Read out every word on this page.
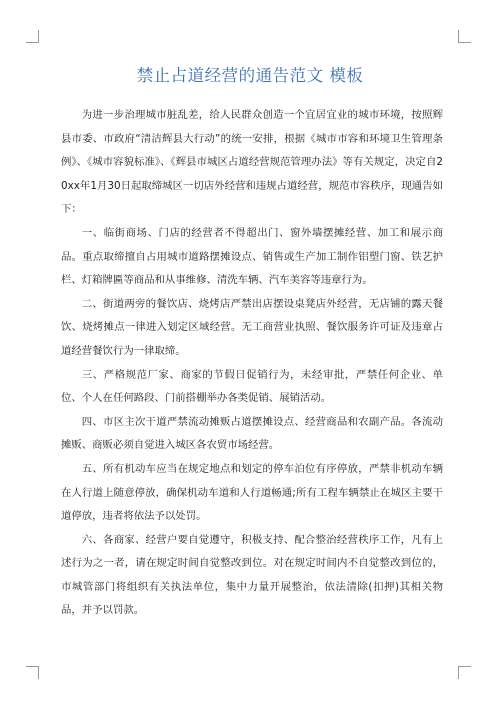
禁止占道经营的通告范文 模板

为进一步治理城市脏乱差，给人民群众创造一个宜居宜业的城市环境，按照辉县市委、市政府“清洁辉县大行动”的统一安排，根据《城市市容和环境卫生管理条例》、《城市容貌标准》、《辉县市城区占道经营规范管理办法》等有关规定，决定自20xx年1月30日起取缔城区一切店外经营和违规占道经营，规范市容秩序，现通告如下：

一、临街商场、门店的经营者不得超出门、窗外墙摆摊经营、加工和展示商品。重点取缔擅自占用城市道路摆摊设点、销售或生产加工制作铝塑门窗、铁艺护栏、灯箱牌匾等商品和从事维修、清洗车辆、汽车美容等违章行为。

二、街道两旁的餐饮店、烧烤店严禁出店摆设桌凳店外经营，无店铺的露天餐饮、烧烤摊点一律进入划定区域经营。无工商营业执照、餐饮服务许可证及违章占道经营餐饮行为一律取缔。

三、严格规范厂家、商家的节假日促销行为，未经审批，严禁任何企业、单位、个人在任何路段、门前搭棚举办各类促销、展销活动。

四、市区主次干道严禁流动摊贩占道摆摊设点、经营商品和农副产品。各流动摊贩、商贩必须自觉进入城区各农贸市场经营。

五、所有机动车应当在规定地点和划定的停车泊位有序停放，严禁非机动车辆在人行道上随意停放，确保机动车道和人行道畅通;所有工程车辆禁止在城区主要干道停放，违者将依法予以处罚。

六、各商家、经营户要自觉遵守，积极支持、配合整治经营秩序工作，凡有上述行为之一者，请在规定时间自觉整改到位。对在规定时间内不自觉整改到位的，市城管部门将组织有关执法单位，集中力量开展整治，依法清除(扣押)其相关物品，并予以罚款。
